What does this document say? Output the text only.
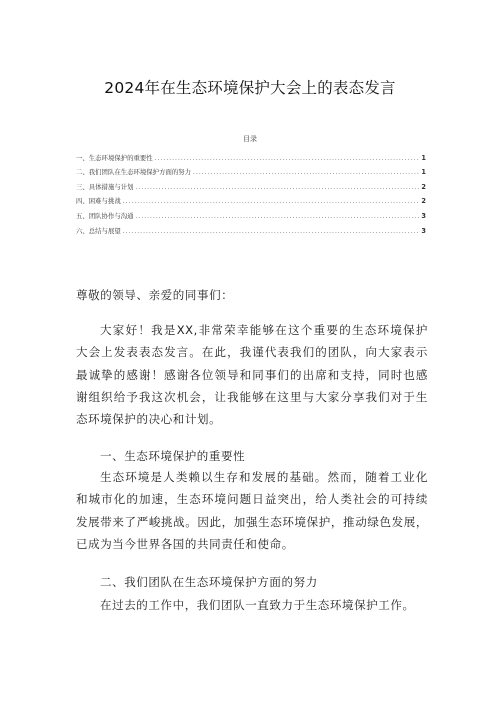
2024年在生态环境保护大会上的表态发言
目录
一、生态环境保护的重要性 .....	1
二、我们团队在生态环境保护方面的努力 .....	1
三、具体措施与计划 .....	2
四、困难与挑战 .....	2
五、团队协作与沟通 .....	3
六、总结与展望 .....	3
尊敬的领导、亲爱的同事们：

大家好！我是XX,非常荣幸能够在这个重要的生态环境保护
大会上发表表态发言。在此，我谨代表我们的团队，向大家表示
最诚挚的感谢！感谢各位领导和同事们的出席和支持，同时也感
谢组织给予我这次机会，让我能够在这里与大家分享我们对于生
态环境保护的决心和计划。

一、生态环境保护的重要性

生态环境是人类赖以生存和发展的基础。然而，随着工业化
和城市化的加速，生态环境问题日益突出，给人类社会的可持续
发展带来了严峻挑战。因此，加强生态环境保护，推动绿色发展，
已成为当今世界各国的共同责任和使命。

二、我们团队在生态环境保护方面的努力

在过去的工作中，我们团队一直致力于生态环境保护工作。
